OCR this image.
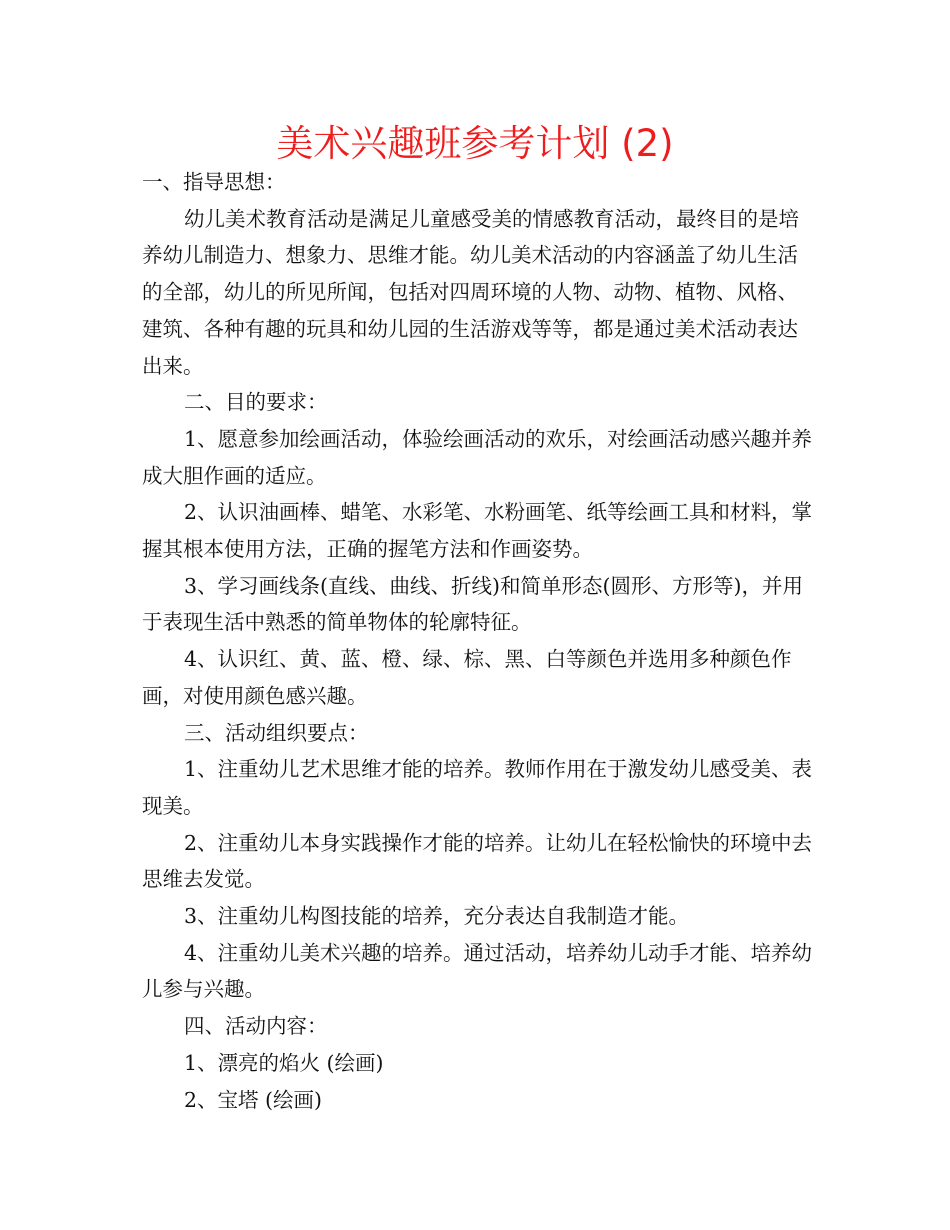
美术兴趣班参考计划 (2)

一、指导思想：

幼儿美术教育活动是满足儿童感受美的情感教育活动，最终目的是培养幼儿制造力、想象力、思维才能。幼儿美术活动的内容涵盖了幼儿生活的全部，幼儿的所见所闻，包括对四周环境的人物、动物、植物、风格、建筑、各种有趣的玩具和幼儿园的生活游戏等等，都是通过美术活动表达出来。

二、目的要求：

1、愿意参加绘画活动，体验绘画活动的欢乐，对绘画活动感兴趣并养成大胆作画的适应。

2、认识油画棒、蜡笔、水彩笔、水粉画笔、纸等绘画工具和材料，掌握其根本使用方法，正确的握笔方法和作画姿势。

3、学习画线条(直线、曲线、折线)和简单形态(圆形、方形等)，并用于表现生活中熟悉的简单物体的轮廓特征。

4、认识红、黄、蓝、橙、绿、棕、黑、白等颜色并选用多种颜色作画，对使用颜色感兴趣。

三、活动组织要点：

1、注重幼儿艺术思维才能的培养。教师作用在于激发幼儿感受美、表现美。

2、注重幼儿本身实践操作才能的培养。让幼儿在轻松愉快的环境中去思维去发觉。

3、注重幼儿构图技能的培养，充分表达自我制造才能。

4、注重幼儿美术兴趣的培养。通过活动，培养幼儿动手才能、培养幼儿参与兴趣。

四、活动内容：

1、漂亮的焰火 (绘画)

2、宝塔 (绘画)
